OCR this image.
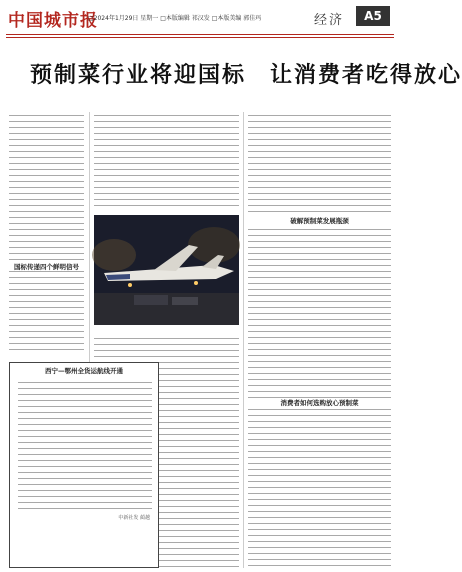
中国城市报
□2024年1月29日 星期一 □本版编辑 祁汉发 □本版美编 郭佳玛	经济	A5
预制菜行业将迎国标　让消费者吃得放心
国标传递四个鲜明信号
破解预制菜发展瓶颈
消费者如何选购放心预制菜
西宁—鄂州全货运航线开通
中新社发 蔺越
